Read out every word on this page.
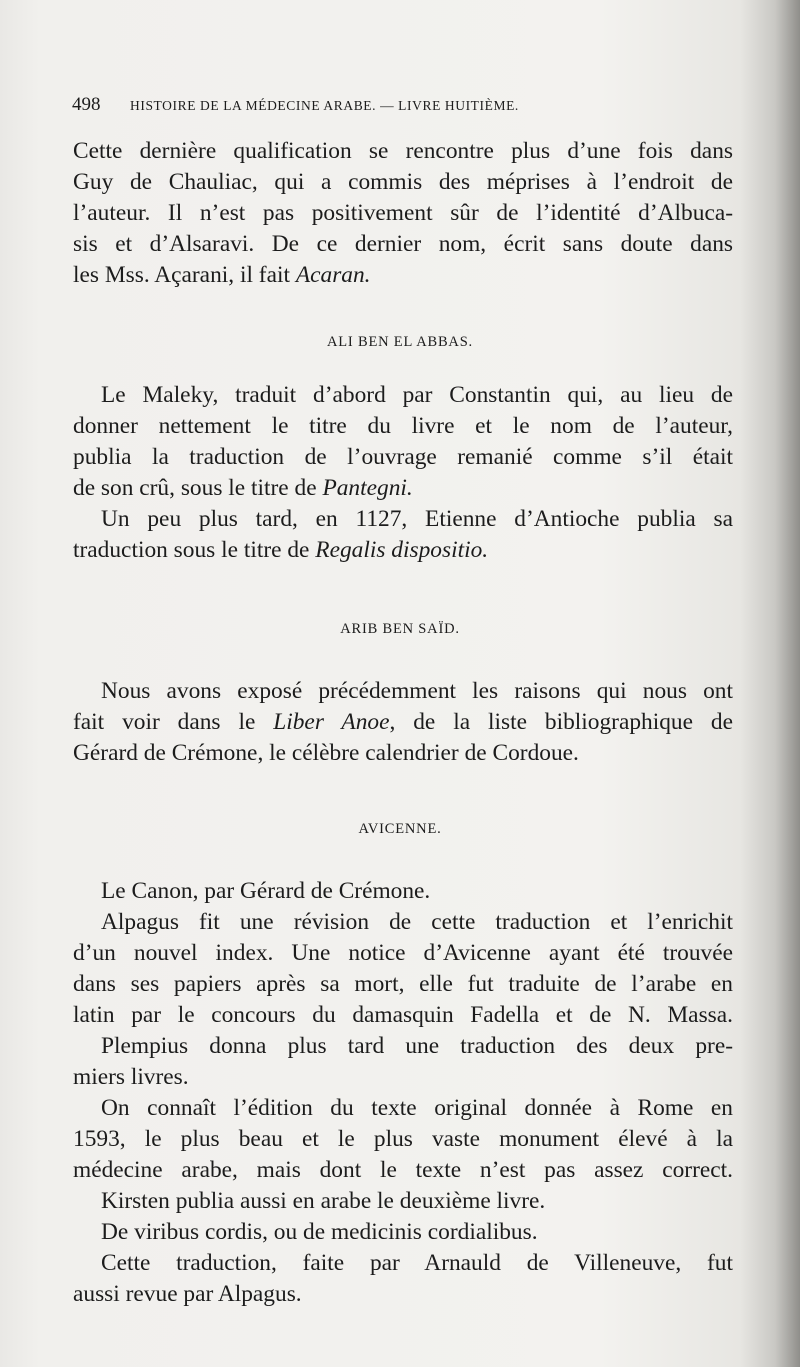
498 HISTOIRE DE LA MÉDECINE ARABE. — LIVRE HUITIÈME.
Cette dernière qualification se rencontre plus d’une fois dans
Guy de Chauliac, qui a commis des méprises à l’endroit de
l’auteur. Il n’est pas positivement sûr de l’identité d’Albuca-
sis et d’Alsaravi. De ce dernier nom, écrit sans doute dans
les Mss. Açarani, il fait Acaran.
ALI BEN EL ABBAS.
Le Maleky, traduit d’abord par Constantin qui, au lieu de
donner nettement le titre du livre et le nom de l’auteur,
publia la traduction de l’ouvrage remanié comme s’il était
de son crû, sous le titre de Pantegni.
Un peu plus tard, en 1127, Etienne d’Antioche publia sa
traduction sous le titre de Regalis dispositio.
ARIB BEN SAÏD.
Nous avons exposé précédemment les raisons qui nous ont
fait voir dans le Liber Anoe, de la liste bibliographique de
Gérard de Crémone, le célèbre calendrier de Cordoue.
AVICENNE.
Le Canon, par Gérard de Crémone.
Alpagus fit une révision de cette traduction et l’enrichit
d’un nouvel index. Une notice d’Avicenne ayant été trouvée
dans ses papiers après sa mort, elle fut traduite de l’arabe en
latin par le concours du damasquin Fadella et de N. Massa.
Plempius donna plus tard une traduction des deux pre-
miers livres.
On connaît l’édition du texte original donnée à Rome en
1593, le plus beau et le plus vaste monument élevé à la
médecine arabe, mais dont le texte n’est pas assez correct.
Kirsten publia aussi en arabe le deuxième livre.
De viribus cordis, ou de medicinis cordialibus.
Cette traduction, faite par Arnauld de Villeneuve, fut
aussi revue par Alpagus.
